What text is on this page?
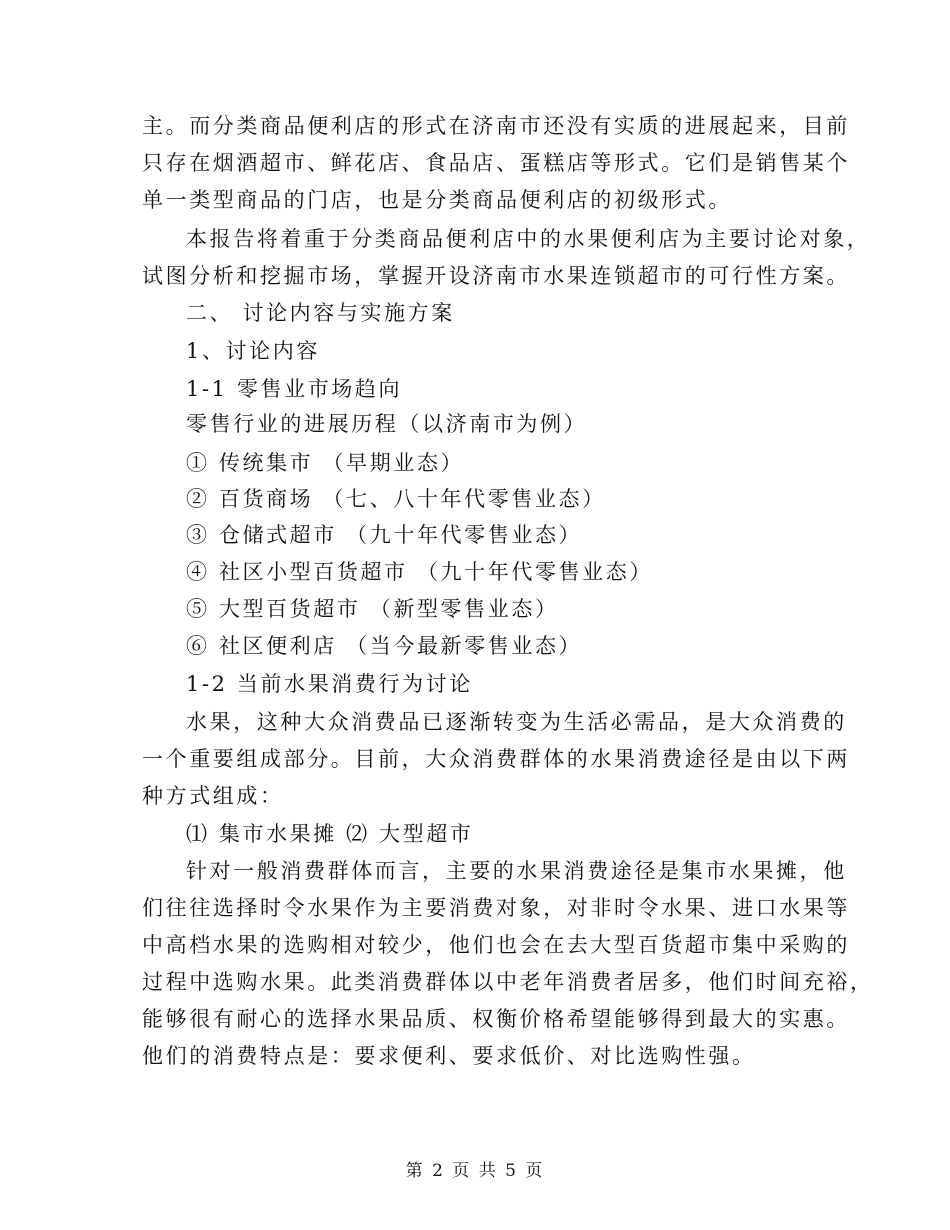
主。而分类商品便利店的形式在济南市还没有实质的进展起来，目前
只存在烟酒超市、鲜花店、食品店、蛋糕店等形式。它们是销售某个
单一类型商品的门店，也是分类商品便利店的初级形式。
本报告将着重于分类商品便利店中的水果便利店为主要讨论对象，
试图分析和挖掘市场，掌握开设济南市水果连锁超市的可行性方案。
二、 讨论内容与实施方案
1、讨论内容
1-1 零售业市场趋向
零售行业的进展历程（以济南市为例）
① 传统集市 （早期业态）
② 百货商场 （七、八十年代零售业态）
③ 仓储式超市 （九十年代零售业态）
④ 社区小型百货超市 （九十年代零售业态）
⑤ 大型百货超市 （新型零售业态）
⑥ 社区便利店 （当今最新零售业态）
1-2 当前水果消费行为讨论
水果，这种大众消费品已逐渐转变为生活必需品，是大众消费的
一个重要组成部分。目前，大众消费群体的水果消费途径是由以下两
种方式组成：
⑴ 集市水果摊 ⑵ 大型超市
针对一般消费群体而言，主要的水果消费途径是集市水果摊，他
们往往选择时令水果作为主要消费对象，对非时令水果、进口水果等
中高档水果的选购相对较少，他们也会在去大型百货超市集中采购的
过程中选购水果。此类消费群体以中老年消费者居多，他们时间充裕，
能够很有耐心的选择水果品质、权衡价格希望能够得到最大的实惠。
他们的消费特点是：要求便利、要求低价、对比选购性强。
第 2 页 共 5 页
